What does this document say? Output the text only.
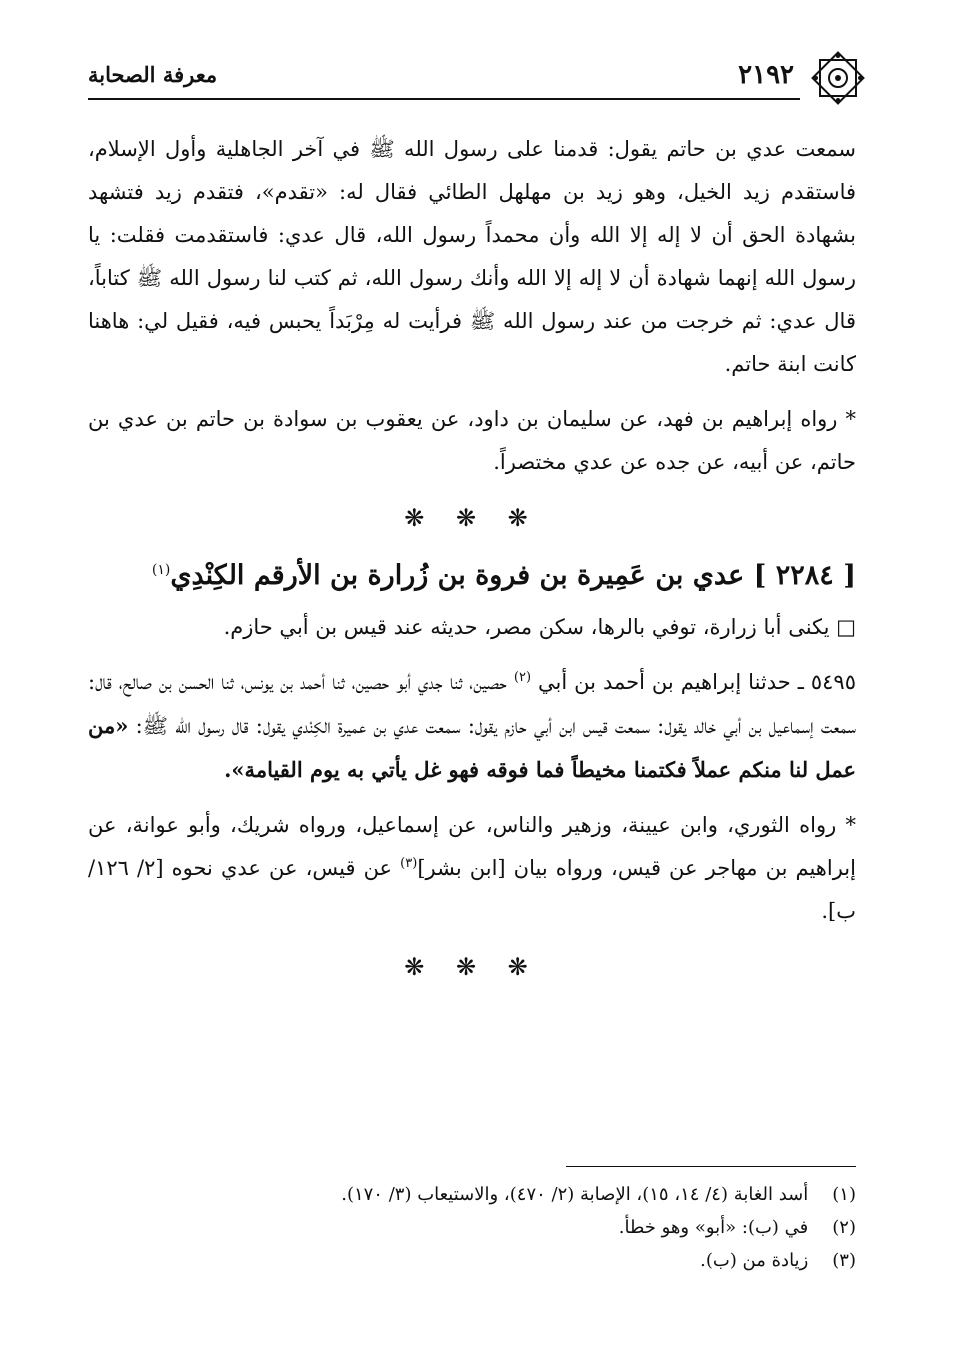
٢١٩٢
معرفة الصحابة

سمعت عدي بن حاتم يقول: قدمنا على رسول الله ﷺ في آخر الجاهلية وأول الإسلام، فاستقدم زيد الخيل، وهو زيد بن مهلهل الطائي فقال له: «تقدم»، فتقدم زيد فتشهد بشهادة الحق أن لا إله إلا الله وأن محمداً رسول الله، قال عدي: فاستقدمت فقلت: يا رسول الله إنهما شهادة أن لا إله إلا الله وأنك رسول الله، ثم كتب لنا رسول الله ﷺ كتاباً، قال عدي: ثم خرجت من عند رسول الله ﷺ فرأيت له مِرْبَداً يحبس فيه، فقيل لي: هاهنا كانت ابنة حاتم.

* رواه إبراهيم بن فهد، عن سليمان بن داود، عن يعقوب بن سوادة بن حاتم بن عدي بن حاتم، عن أبيه، عن جده عن عدي مختصراً.

❋ ❋ ❋
[ ٢٢٨٤ ] عدي بن عَمِيرة بن فروة بن زُرارة بن الأرقم الكِنْدِي$^{(١)}$

□ يكنى أبا زرارة، توفي بالرها، سكن مصر، حديثه عند قيس بن أبي حازم.

٥٤٩٥ ـ حدثنا إبراهيم بن أحمد بن أبي $^{(٢)}$ حصين، ثنا جدي أبو حصين، ثنا أحمد بن يونس، ثنا الحسن بن صالح، قال: سمعت إسماعيل بن أبي خالد يقول: سمعت قيس ابن أبي حازم يقول: سمعت عدي بن عميرة الكِنْدي يقول: قال رسول الله ﷺ: «من عمل لنا منكم عملاً فكتمنا مخيطاً فما فوقه فهو غل يأتي به يوم القيامة».

* رواه الثوري، وابن عيينة، وزهير والناس، عن إسماعيل، ورواه شريك، وأبو عوانة، عن إبراهيم بن مهاجر عن قيس، ورواه بيان [ابن بشر]$^{(٣)}$ عن قيس، عن عدي نحوه [٢/ ١٢٦/ ب].

❋ ❋ ❋

(١) أسد الغابة (٤/ ١٤، ١٥)، الإصابة (٢/ ٤٧٠)، والاستيعاب (٣/ ١٧٠).

(٢) في (ب): «أبو» وهو خطأ.

(٣) زيادة من (ب).
